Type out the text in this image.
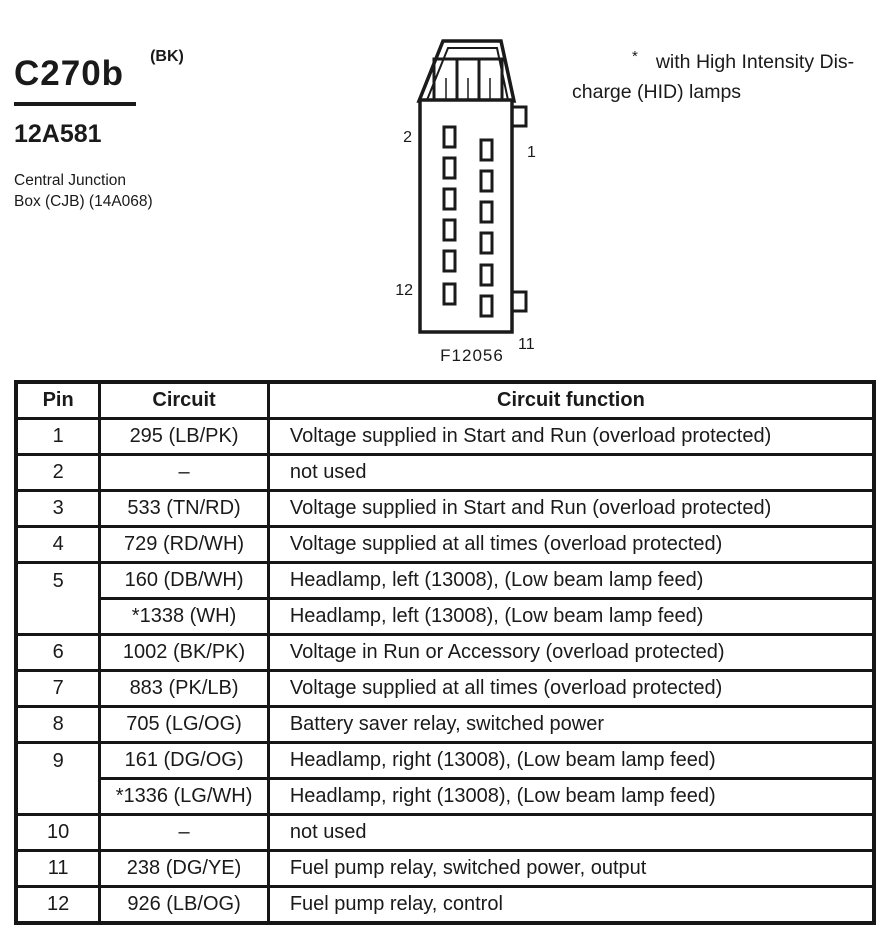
C270b (BK)
12A581
Central Junction
Box (CJB) (14A068)
* with High Intensity Dis-
charge (HID) lamps
2
1
12
11
F12056
Pin	Circuit	Circuit function
1	295 (LB/PK)	Voltage supplied in Start and Run (overload protected)
2	–	not used
3	533 (TN/RD)	Voltage supplied in Start and Run (overload protected)
4	729 (RD/WH)	Voltage supplied at all times (overload protected)
5	160 (DB/WH)	Headlamp, left (13008), (Low beam lamp feed)
	*1338 (WH)	Headlamp, left (13008), (Low beam lamp feed)
6	1002 (BK/PK)	Voltage in Run or Accessory (overload protected)
7	883 (PK/LB)	Voltage supplied at all times (overload protected)
8	705 (LG/OG)	Battery saver relay, switched power
9	161 (DG/OG)	Headlamp, right (13008), (Low beam lamp feed)
	*1336 (LG/WH)	Headlamp, right (13008), (Low beam lamp feed)
10	–	not used
11	238 (DG/YE)	Fuel pump relay, switched power, output
12	926 (LB/OG)	Fuel pump relay, control
